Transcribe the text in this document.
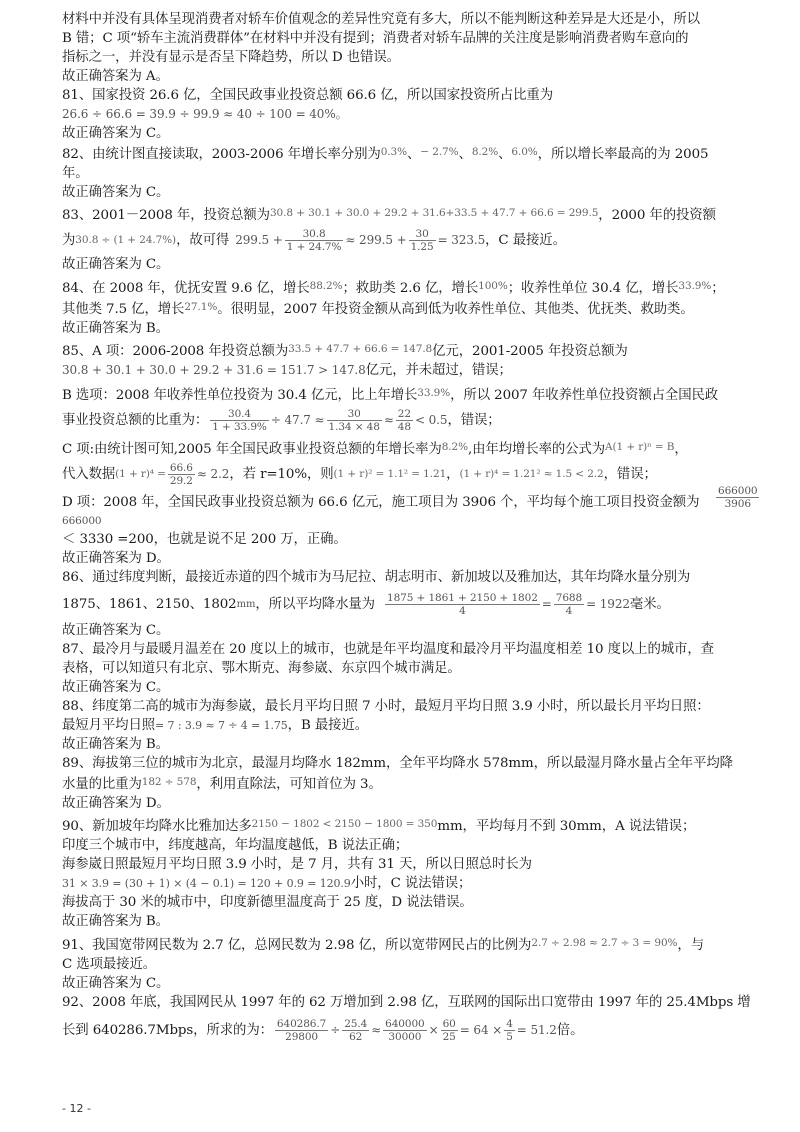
材料中并没有具体呈现消费者对轿车价值观念的差异性究竟有多大，所以不能判断这种差异是大还是小，所以
B 错；C 项“轿车主流消费群体”在材料中并没有提到；消费者对轿车品牌的关注度是影响消费者购车意向的
指标之一，并没有显示是否呈下降趋势，所以 D 也错误。
故正确答案为 A。
81、国家投资 26.6 亿，全国民政事业投资总额 66.6 亿，所以国家投资所占比重为
26.6 ÷ 66.6 = 39.9 ÷ 99.9 ≈ 40 ÷ 100 = 40%。
故正确答案为 C。
82、由统计图直接读取，2003-2006 年增长率分别为$^{0.3\%}$、$^{- 2.7\%}$、$^{8.2\%}$、$^{6.0\%}$，所以增长率最高的为 2005
年。
故正确答案为 C。
83、2001－2008 年，投资总额为$^{30.8 + 30.1 + 30.0 + 29.2 + 31.6+33.5 + 47.7 + 66.6 = 299.5}$，2000 年的投资额
为 30.8 ÷ (1 + 24.7%) ，故可得 $299.5 + \frac{30.8}{1 + 24.7\%} \approx 299.5 + \frac{30}{1.25} = 323.5$ ，C 最接近。
故正确答案为 C。
84、在 2008 年，优抚安置 9.6 亿，增长$^{88.2\%}$；救助类 2.6 亿，增长$^{100\%}$；收养性单位 30.4 亿，增长$^{33.9\%}$；
其他类 7.5 亿，增长$^{27.1\%}$。很明显，2007 年投资金额从高到低为收养性单位、其他类、优抚类、救助类。
故正确答案为 B。
85、A 项：2006-2008 年投资总额为$^{33.5 + 47.7 + 66.6 = 147.8}$亿元，2001-2005 年投资总额为
30.8 + 30.1 + 30.0 + 29.2 + 31.6 = 151.7 > 147.8亿元，并未超过，错误；
B 选项：2008 年收养性单位投资为 30.4 亿元，比上年增长$^{33.9\%}$，所以 2007 年收养性单位投资额占全国民政
事业投资总额的比重为： $\frac{30.4}{1 + 33.9\%} \div 47.7 \approx \frac{30}{1.34 \times 48} \approx \frac{22}{48} < 0.5$ ，错误；
C 项:由统计图可知,2005 年全国民政事业投资总额的年增长率为$^{8.2\%}$,由年均增长率的公式为$^{A(1 + r)^n = B}$，
代入数据 $(1 + r)^4 = \frac{66.6}{29.2} \approx 2.2$ ，若 r=10%，则 (1 + r)² = 1.1² = 1.21 ， (1 + r)⁴ = 1.21² ≈ 1.5 < 2.2 ，错误；
D 项：2008 年，全国民政事业投资总额为 66.6 亿元，施工项目为 3906 个，平均每个施工项目投资金额为 $\frac{666000}{3906}$
666000
＜ 3330 =200，也就是说不足 200 万，正确。
故正确答案为 D。
86、通过纬度判断，最接近赤道的四个城市为马尼拉、胡志明市、新加坡以及雅加达，其年均降水量分别为
1875、1861、2150、1802 mm ，所以平均降水量为 $\frac{1875 + 1861 + 2150 + 1802}{4} = \frac{7688}{4} = 1922$ 毫米。
故正确答案为 C。
87、最冷月与最暖月温差在 20 度以上的城市，也就是年平均温度和最冷月平均温度相差 10 度以上的城市，查
表格，可以知道只有北京、鄂木斯克、海参崴、东京四个城市满足。
故正确答案为 C。
88、纬度第二高的城市为海参崴，最长月平均日照 7 小时，最短月平均日照 3.9 小时，所以最长月平均日照：
最短月平均日照= 7 : 3.9 ≈ 7 ÷ 4 = 1.75，B 最接近。
故正确答案为 B。
89、海拔第三位的城市为北京，最湿月均降水 182mm，全年平均降水 578mm，所以最湿月降水量占全年平均降
水量的比重为$^{182 \div 578}$，利用直除法，可知首位为 3。
故正确答案为 D。
90、新加坡年均降水比雅加达多$^{2150 - 1802 < 2150 - 1800 = 350}$mm，平均每月不到 30mm，A 说法错误；
印度三个城市中，纬度越高，年均温度越低，B 说法正确；
海参崴日照最短月平均日照 3.9 小时，是 7 月，共有 31 天，所以日照总时长为
31 × 3.9 = (30 + 1) × (4 − 0.1) = 120 + 0.9 = 120.9小时，C 说法错误；
海拔高于 30 米的城市中，印度新德里温度高于 25 度，D 说法错误。
故正确答案为 B。
91、我国宽带网民数为 2.7 亿，总网民数为 2.98 亿，所以宽带网民占的比例为$^{2.7 \div 2.98 \approx 2.7 \div 3 = 90\%}$，与
C 选项最接近。
故正确答案为 C。
92、2008 年底，我国网民从 1997 年的 62 万增加到 2.98 亿，互联网的国际出口宽带由 1997 年的 25.4Mbps 增
长到 640286.7Mbps，所求的为： $\frac{640286.7}{29800} \div \frac{25.4}{62} \approx \frac{640000}{30000} \times \frac{60}{25} = 64 \times \frac{4}{5} = 51.2$ 倍。
- 12 -
